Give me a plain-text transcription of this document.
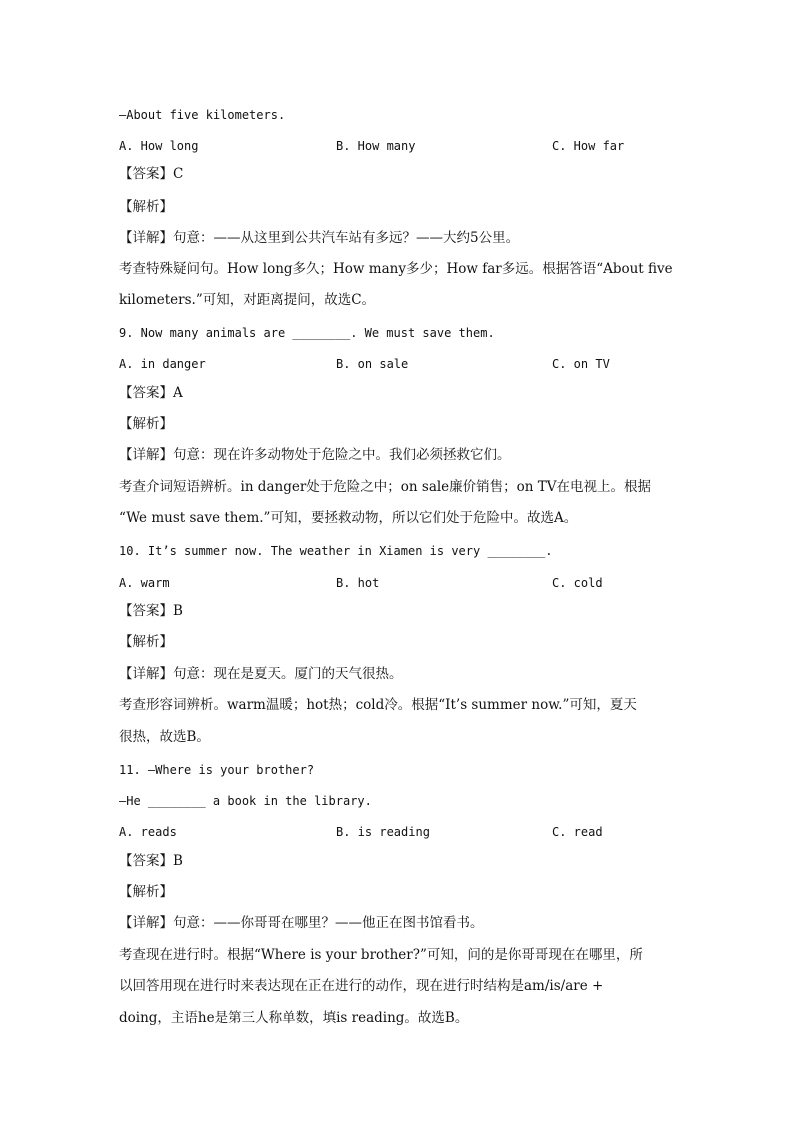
—About five kilometers.
A. How long	B. How many	C. How far
【答案】C
【解析】
【详解】句意：——从这里到公共汽车站有多远？——大约5公里。
考查特殊疑问句。How long多久；How many多少；How far多远。根据答语“About five
kilometers.”可知，对距离提问，故选C。
9. Now many animals are ________. We must save them.
A. in danger	B. on sale	C. on TV
【答案】A
【解析】
【详解】句意：现在许多动物处于危险之中。我们必须拯救它们。
考查介词短语辨析。in danger处于危险之中；on sale廉价销售；on TV在电视上。根据
“We must save them.”可知，要拯救动物，所以它们处于危险中。故选A。
10. It’s summer now. The weather in Xiamen is very ________.
A. warm	B. hot	C. cold
【答案】B
【解析】
【详解】句意：现在是夏天。厦门的天气很热。
考查形容词辨析。warm温暖；hot热；cold冷。根据“It’s summer now.”可知，夏天
很热，故选B。
11. —Where is your brother?
—He ________ a book in the library.
A. reads	B. is reading	C. read
【答案】B
【解析】
【详解】句意：——你哥哥在哪里？——他正在图书馆看书。
考查现在进行时。根据“Where is your brother?”可知，问的是你哥哥现在在哪里，所
以回答用现在进行时来表达现在正在进行的动作，现在进行时结构是am/is/are +
doing，主语he是第三人称单数，填is reading。故选B。
